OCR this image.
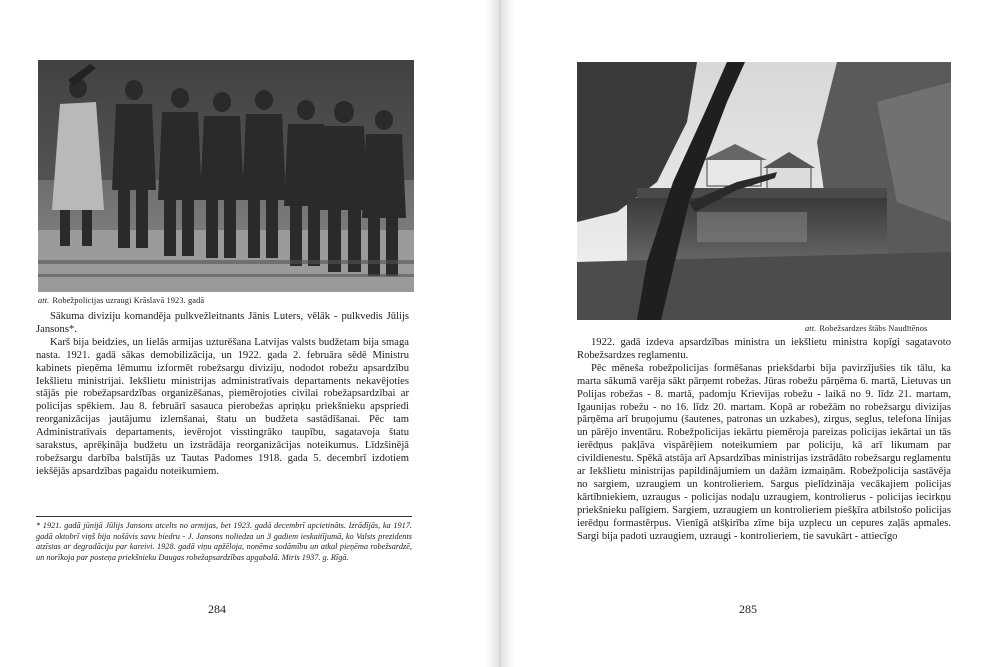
att. Robežpolicijas uzraugi Krāslavā 1923. gadā

Sākuma diviziju komandēja pulkvežleitnants Jānis Luters, vēlāk - pulkvedis Jūlijs Jansons*.

Karš bija beidzies, un lielās armijas uzturēšana Latvijas valsts budžetam bija smaga nasta. 1921. gadā sākas demobilizācija, un 1922. gada 2. februāra sēdē Ministru kabinets pieņēma lēmumu izformēt robežsargu diviziju, nododot robežu apsardzību Iekšlietu ministrijai. Iekšlietu ministrijas administratīvais departaments nekavējoties stājās pie robežapsardzības organizēšanas, piemērojoties civilai robežapsardzībai ar policijas spēkiem. Jau 8. februārī sasauca pierobežas apriņķu priekšnieku apspriedi reorganizācijas jautājumu izlemšanai, štatu un budžeta sastādīšanai. Pēc tam Administratīvais departaments, ievērojot visstingrāko taupību, sagatavoja štatu sarakstus, aprēķināja budžetu un izstrādāja reorganizācijas noteikumus. Līdzšinējā robežsargu darbība balstījās uz Tautas Padomes 1918. gada 5. decembrī izdotiem iekšējās apsardzības pagaidu noteikumiem.

* 1921. gadā jūnijā Jūlijs Jansons atcelts no armijas, bet 1923. gadā decembrī apcietināts. Izrādījās, ka 1917. gadā oktobrī viņš bija nošāvis savu biedru - J. Jansons noliedza un 3 gadiem ieskaitījumā, ko Valsts prezidents atzīstas ar degradāciju par kareivi. 1928. gadā viņu apžēloja, nonēma sodāmību un atkal pieņēma robežsardzē, un norīkoja par posteņa priekšnieku Daugas robežapsardzības apgabalā. Miris 1937. g. Rīgā.
284
att. Robežsardzes štābs Naudītēnos

1922. gadā izdeva apsardzības ministra un iekšlietu ministra kopīgi sagatavoto Robežsardzes reglamentu.

Pēc mēneša robežpolicijas formēšanas priekšdarbi bija pavirzījušies tik tālu, ka marta sākumā varēja sākt pārņemt robežas. Jūras robežu pārņēma 6. martā, Lietuvas un Polijas robežas - 8. martā, padomju Krievijas robežu - laikā no 9. līdz 21. martam, Igaunijas robežu - no 16. līdz 20. martam. Kopā ar robežām no robežsargu divizijas pārņēma arī bruņojumu (šautenes, patronas un uzkabes), zirgus, seglus, telefona līnijas un pārējo inventāru. Robežpolicijas iekārtu piemēroja pareizas policijas iekārtai un tās ierēdņus pakļāva vispārējiem noteikumiem par policiju, kā arī likumam par civildienestu. Spēkā atstāja arī Apsardzības ministrijas izstrādāto robežsargu reglamentu ar Iekšlietu ministrijas papildinājumiem un dažām izmaiņām. Robežpolicija sastāvēja no sargiem, uzraugiem un kontrolieriem. Sargus pielīdzināja vecākajiem policijas kārtībniekiem, uzraugus - policijas nodaļu uzraugiem, kontrolierus - policijas iecirkņu priekšnieku palīgiem. Sargiem, uzraugiem un kontrolieriem piešķīra atbilstošo policijas ierēdņu formastērpus. Vienīgā atšķirība zīme bija uzplecu un cepures zaļās apmales. Sargi bija padoti uzraugiem, uzraugi - kontrolieriem, tie savukārt - attiecīgo

285
